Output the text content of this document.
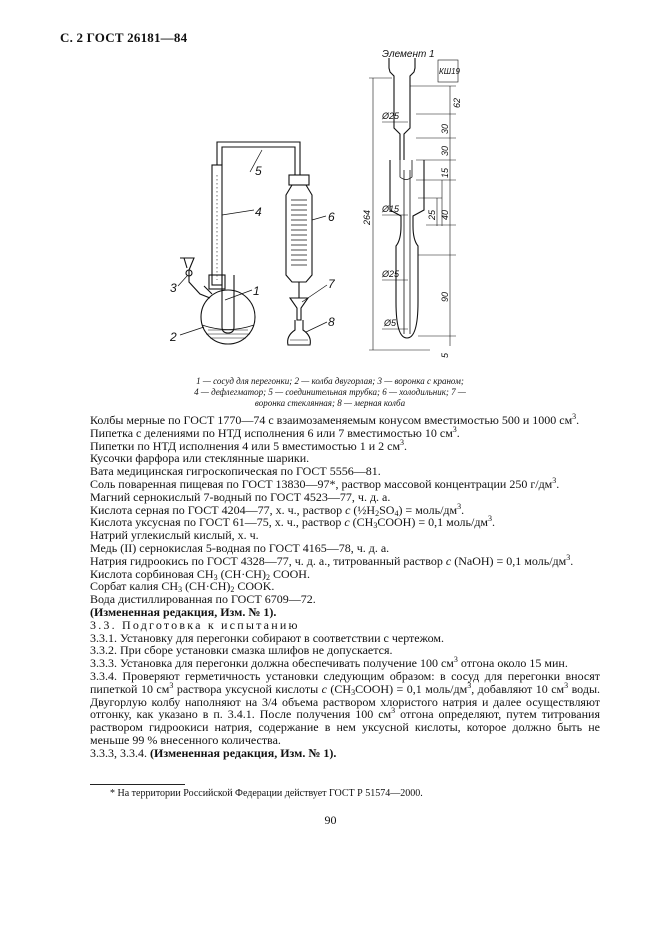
С. 2 ГОСТ 26181—84
1
2
3
4
5
6
7
8
Элемент 1
КШ19
Ø25
Ø15
Ø25
Ø5
264
62
30
30
15
25 40
90
5
1 — сосуд для перегонки; 2 — колба двугорлая; 3 — воронка с краном;
4 — дефлегматор; 5 — соединительная трубка; 6 — холодильник; 7 —
воронка стеклянная; 8 — мерная колба
Колбы мерные по ГОСТ 1770—74 с взаимозаменяемым конусом вместимостью 500 и 1000 $см^3$.
Пипетка с делениями по НТД исполнения 6 или 7 вместимостью 10 $см^3$.
Пипетки по НТД исполнения 4 или 5 вместимостью 1 и 2 $см^3$.
Кусочки фарфора или стеклянные шарики.
Вата медицинская гигроскопическая по ГОСТ 5556—81.
Соль поваренная пищевая по ГОСТ 13830—97*, раствор массовой концентрации 250 $г/дм^3$.
Магний сернокислый 7-водный по ГОСТ 4523—77, ч. д. а.
Кислота серная по ГОСТ 4204—77, х. ч., раствор c $(\frac{1}{2}H_2SO_4)$ = моль/$дм^3$.
Кислота уксусная по ГОСТ 61—75, х. ч., раствор c $(CH_3COOH) = 0,1$ моль/$дм^3$.
Натрий углекислый кислый, х. ч.
Медь (II) сернокислая 5-водная по ГОСТ 4165—78, ч. д. а.
Натрия гидроокись по ГОСТ 4328—77, ч. д. а., титрованный раствор c (NaOH) = 0,1 моль/$дм^3$.
Кислота сорбиновая $CH_3$ $(CH\cdot CH)_2$ COOH.
Сорбат калия $CH_3$ $(CH\cdot CH)_2$ COOK.
Вода дистиллированная по ГОСТ 6709—72.
(Измененная редакция, Изм. № 1).
3.3. Подготовка к испытанию
3.3.1. Установку для перегонки собирают в соответствии с чертежом.
3.3.2. При сборе установки смазка шлифов не допускается.
3.3.3. Установка для перегонки должна обеспечивать получение 100 $см^3$ отгона около 15 мин.
3.3.4. Проверяют герметичность установки следующим образом: в сосуд для перегонки вносят пипеткой 10 $см^3$ раствора уксусной кислоты c $(CH_3COOH) = 0,1$ моль/$дм^3$, добавляют 10 $см^3$ воды. Двугорлую колбу наполняют на 3/4 объема раствором хлористого натрия и далее осуществляют отгонку, как указано в п. 3.4.1. После получения 100 $см^3$ отгона определяют, путем титрования раствором гидроокиси натрия, содержание в нем уксусной кислоты, которое должно быть не меньше 99 % внесенного количества.
3.3.3, 3.3.4. (Измененная редакция, Изм. № 1).
* На территории Российской Федерации действует ГОСТ Р 51574—2000.
90
